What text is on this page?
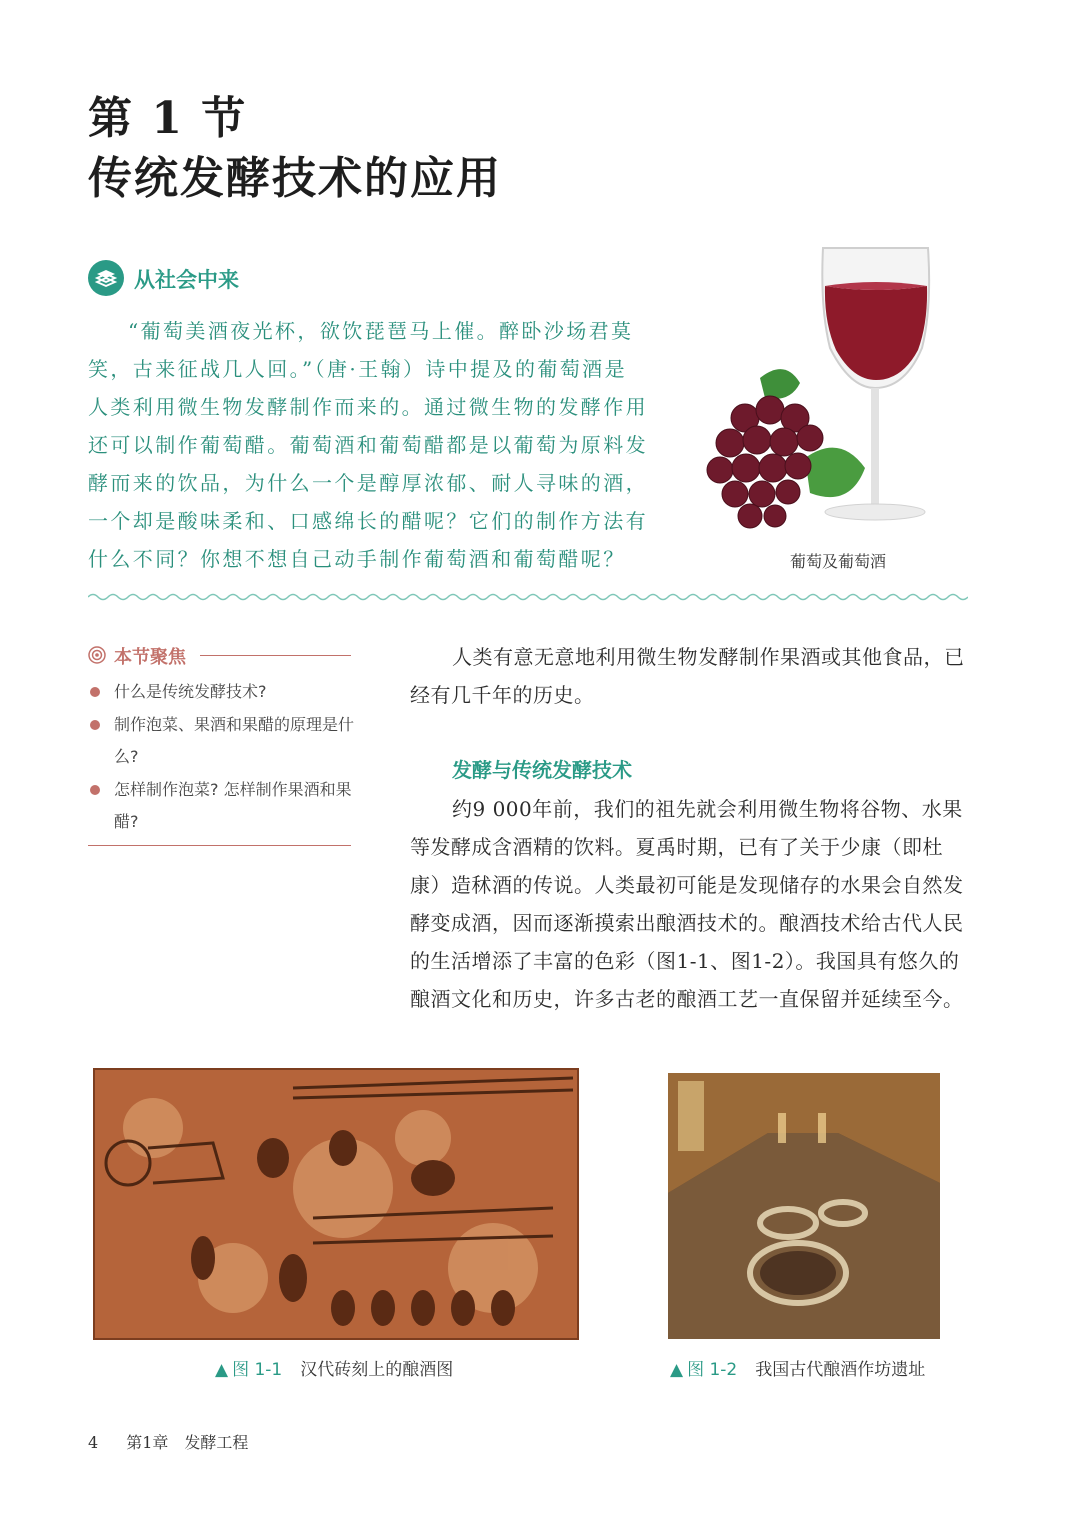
第 1 节
传统发酵技术的应用
从社会中来
“葡萄美酒夜光杯，欲饮琵琶马上催。醉卧沙场君莫笑，古来征战几人回。”（唐·王翰）诗中提及的葡萄酒是人类利用微生物发酵制作而来的。通过微生物的发酵作用还可以制作葡萄醋。葡萄酒和葡萄醋都是以葡萄为原料发酵而来的饮品，为什么一个是醇厚浓郁、耐人寻味的酒，一个却是酸味柔和、口感绵长的醋呢？它们的制作方法有什么不同？你想不想自己动手制作葡萄酒和葡萄醋呢？	葡萄及葡萄酒
本节聚焦
什么是传统发酵技术?
制作泡菜、果酒和果醋的原理是什么?
怎样制作泡菜? 怎样制作果酒和果醋?
人类有意无意地利用微生物发酵制作果酒或其他食品，已经有几千年的历史。
发酵与传统发酵技术
约9 000年前，我们的祖先就会利用微生物将谷物、水果等发酵成含酒精的饮料。夏禹时期，已有了关于少康（即杜康）造秫酒的传说。人类最初可能是发现储存的水果会自然发酵变成酒，因而逐渐摸索出酿酒技术的。酿酒技术给古代人民的生活增添了丰富的色彩（图1-1、图1-2）。我国具有悠久的酿酒文化和历史，许多古老的酿酒工艺一直保留并延续至今。
▲ 图 1-1 汉代砖刻上的酿酒图	▲ 图 1-2 我国古代酿酒作坊遗址
4 第1章　发酵工程
